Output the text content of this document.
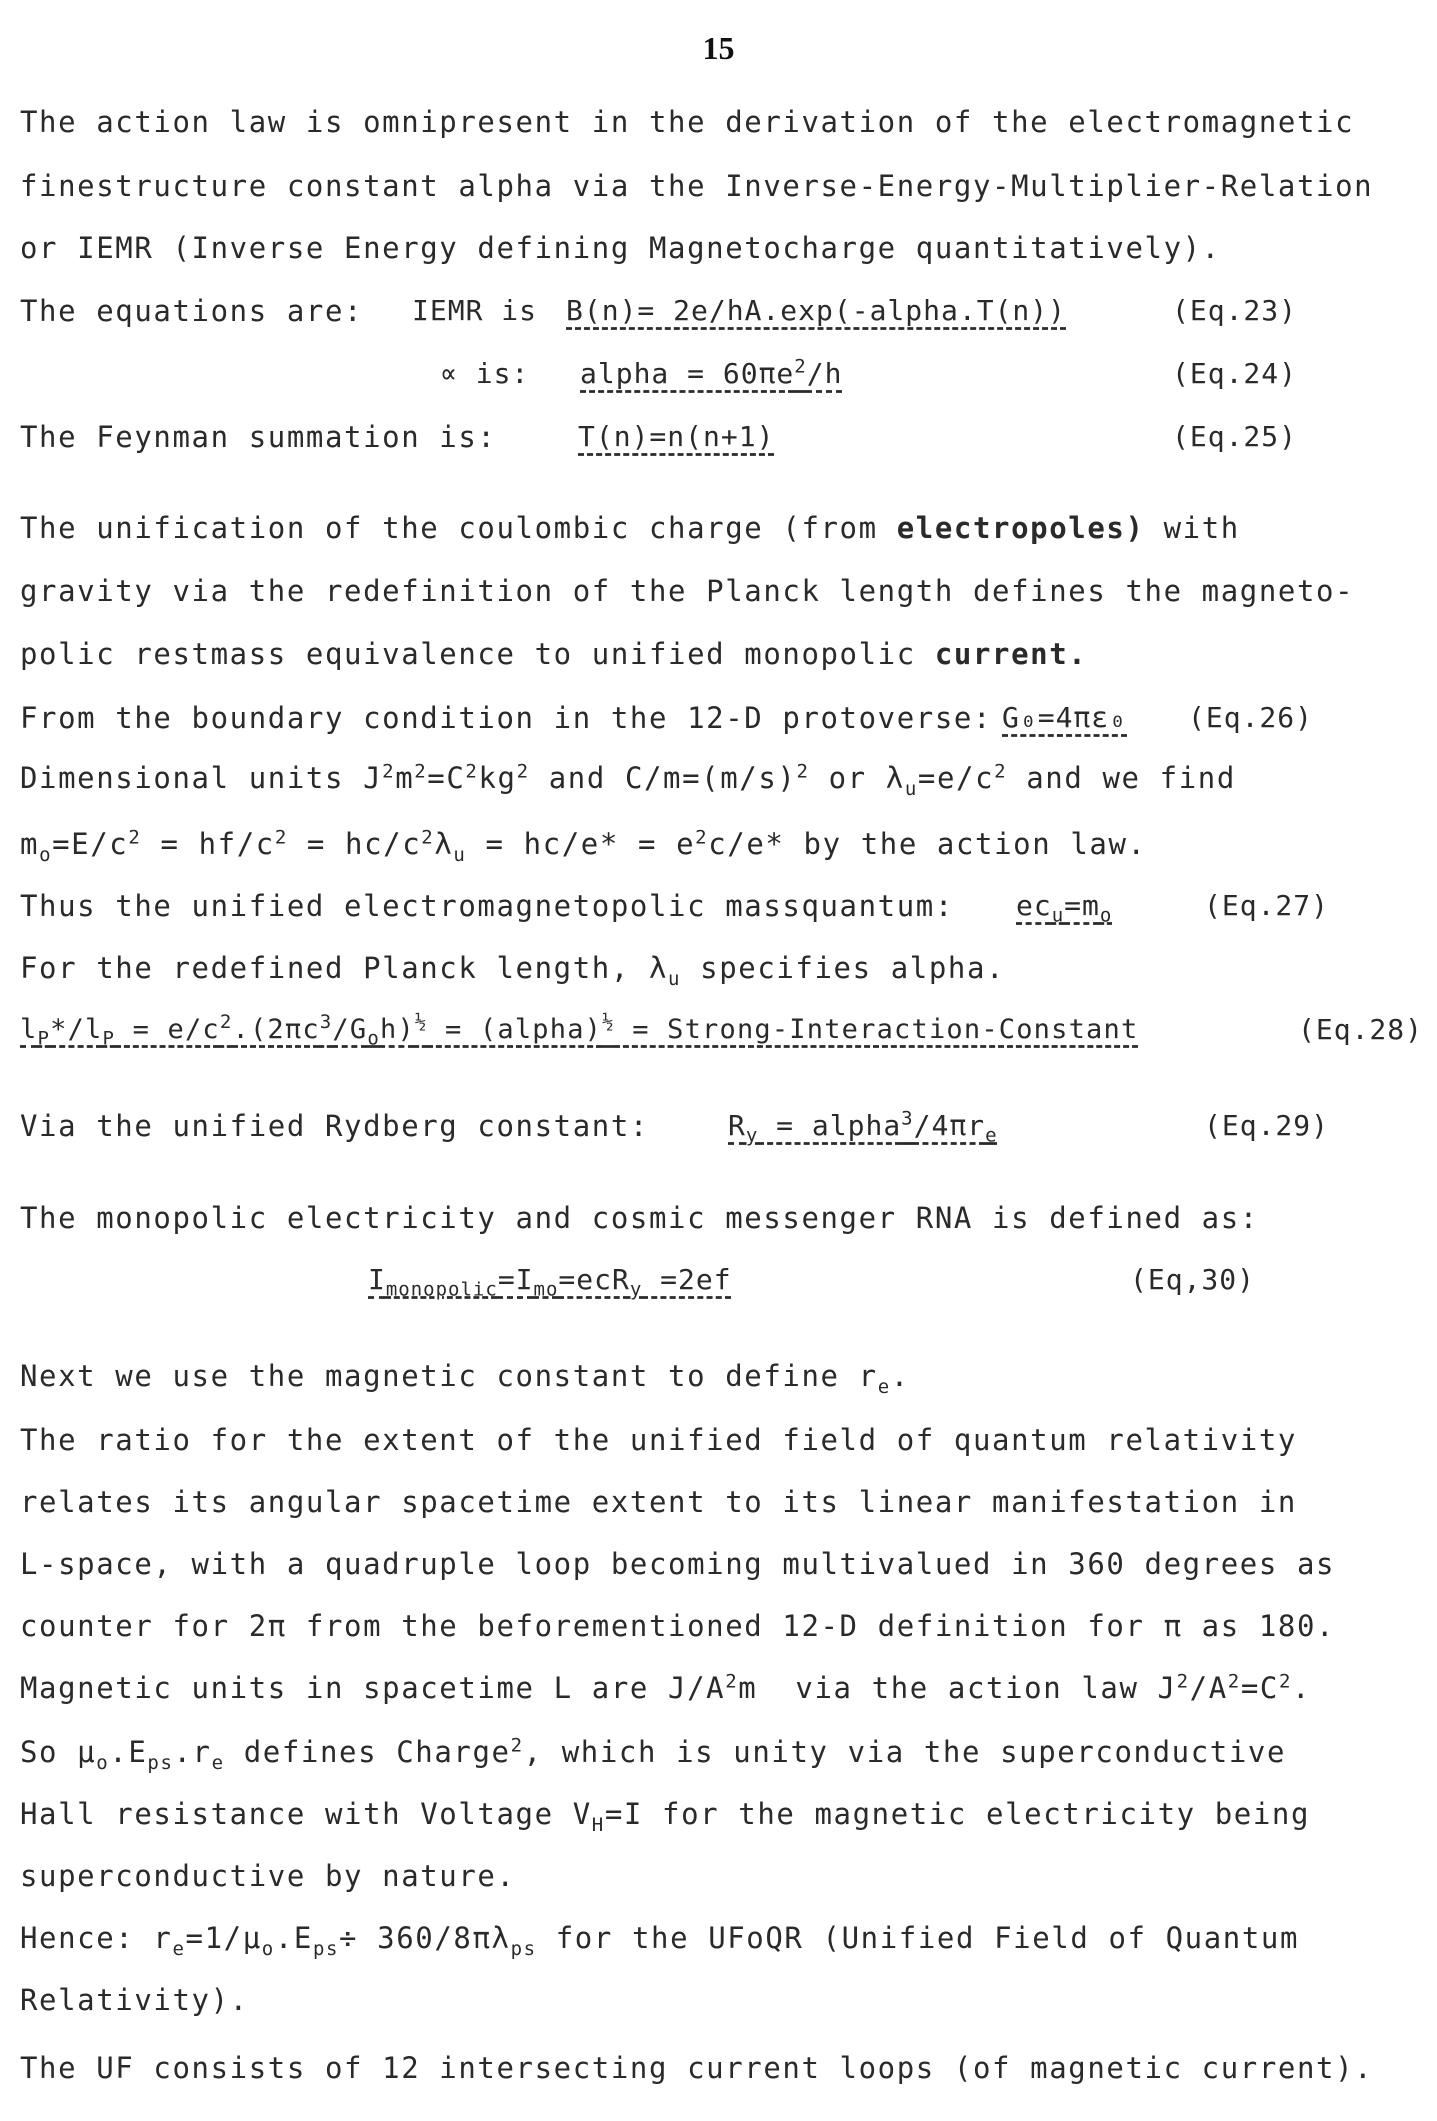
15
The action law is omnipresent in the derivation of the electromagnetic
finestructure constant alpha via the Inverse-Energy-Multiplier-Relation
or IEMR (Inverse Energy defining Magnetocharge quantitatively).
The equations are: IEMR is B(n)= 2e/hA.exp(-alpha.T(n))	(Eq.23)
∝ is: alpha = $60\pi e^2/h$	(Eq.24)
The Feynman summation is:	T(n)=n(n+1)	(Eq.25)
The unification of the coulombic charge (from electropoles) with
gravity via the redefinition of the Planck length defines the magneto-
polic restmass equivalence to unified monopolic current.
From the boundary condition in the 12-D protoverse: G₀=4πε₀ (Eq.26)
Dimensional units $J^2m^2=C^2kg^2$ and $C/m=(m/s)^2$ or $\lambda_u=e/c^2$ and we find
$m_o=E/c^2 = hf/c^2 = hc/c^2\lambda_u = hc/e* = e^2c/e*$ by the action law.
Thus the unified electromagnetopolic massquantum: $ec_u=m_o$	(Eq.27)
For the redefined Planck length, $\lambda_u$ specifies alpha.
$l_P*/l_P = e/c^2.(2\pi c^3/G_oh)^{\frac{1}{2}}$ = (alpha)$^{\frac{1}{2}}$ = Strong-Interaction-Constant	(Eq.28)
Via the unified Rydberg constant:	$R_y$ = $alpha^3/4\pi r_e$	(Eq.29)
The monopolic electricity and cosmic messenger RNA is defined as:
$I_{monopolic}=I_{mo}=ecR_y =2ef$	(Eq,30)
Next we use the magnetic constant to define $r_e$.
The ratio for the extent of the unified field of quantum relativity
relates its angular spacetime extent to its linear manifestation in
L-space, with a quadruple loop becoming multivalued in 360 degrees as
counter for 2π from the beforementioned 12-D definition for π as 180.
Magnetic units in spacetime L are $J/A^2m$  via the action law $J^2/A^2=C^2$.
So $\mu_o.E_{ps}.r_e$ defines Charge$^2$, which is unity via the superconductive
Hall resistance with Voltage $V_H=I$ for the magnetic electricity being
superconductive by nature.
Hence: $r_e=1/\mu_o.E_{ps}\div 360/8\pi\lambda_{ps}$ for the UFoQR (Unified Field of Quantum
Relativity).
The UF consists of 12 intersecting current loops (of magnetic current).
